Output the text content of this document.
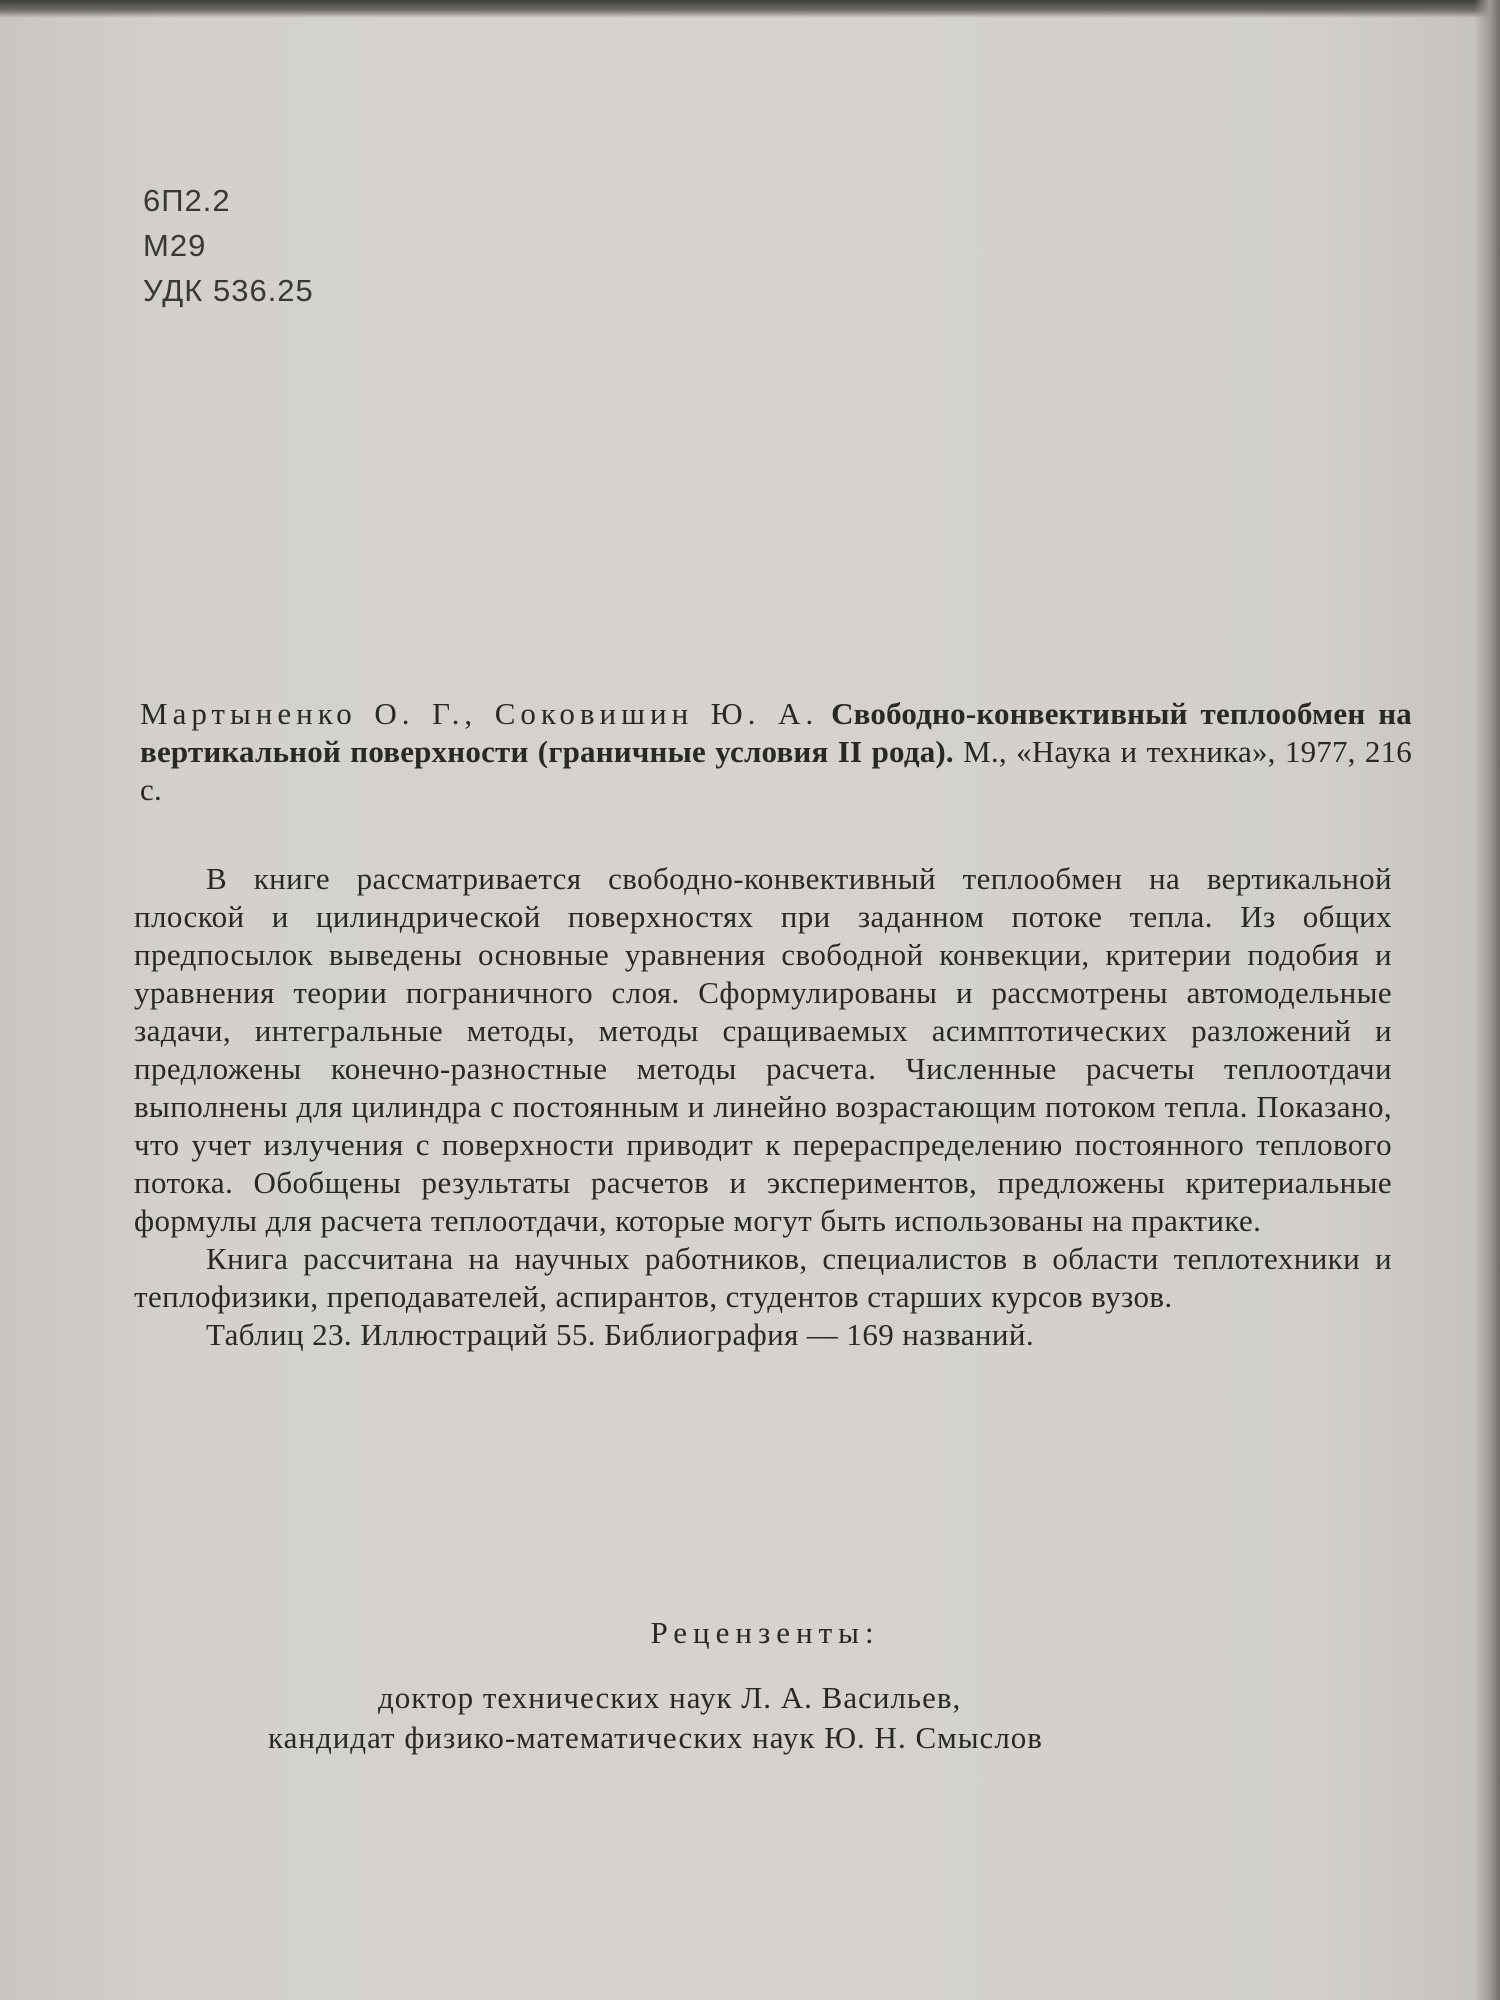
6П2.2
М29
УДК 536.25
Мартыненко О. Г., Соковишин Ю. А. Свободно-конвективный теплообмен на вертикальной поверхности (граничные условия II рода). М., «Наука и техника», 1977, 216 с.

В книге рассматривается свободно-конвективный теплообмен на вертикальной плоской и цилиндрической поверхностях при заданном потоке тепла. Из общих предпосылок выведены основные уравнения свободной конвекции, критерии подобия и уравнения теории пограничного слоя. Сформулированы и рассмотрены автомодельные задачи, интегральные методы, методы сращиваемых асимптотических разложений и предложены конечно-разностные методы расчета. Численные расчеты теплоотдачи выполнены для цилиндра с постоянным и линейно возрастающим потоком тепла. Показано, что учет излучения с поверхности приводит к перераспределению постоянного теплового потока. Обобщены результаты расчетов и экспериментов, предложены критериальные формулы для расчета теплоотдачи, которые могут быть использованы на практике.

Книга рассчитана на научных работников, специалистов в области теплотехники и теплофизики, преподавателей, аспирантов, студентов старших курсов вузов.

Таблиц 23. Иллюстраций 55. Библиография — 169 названий.

Рецензенты:
доктор технических наук Л. А. Васильев,
кандидат физико-математических наук Ю. Н. Смыслов
